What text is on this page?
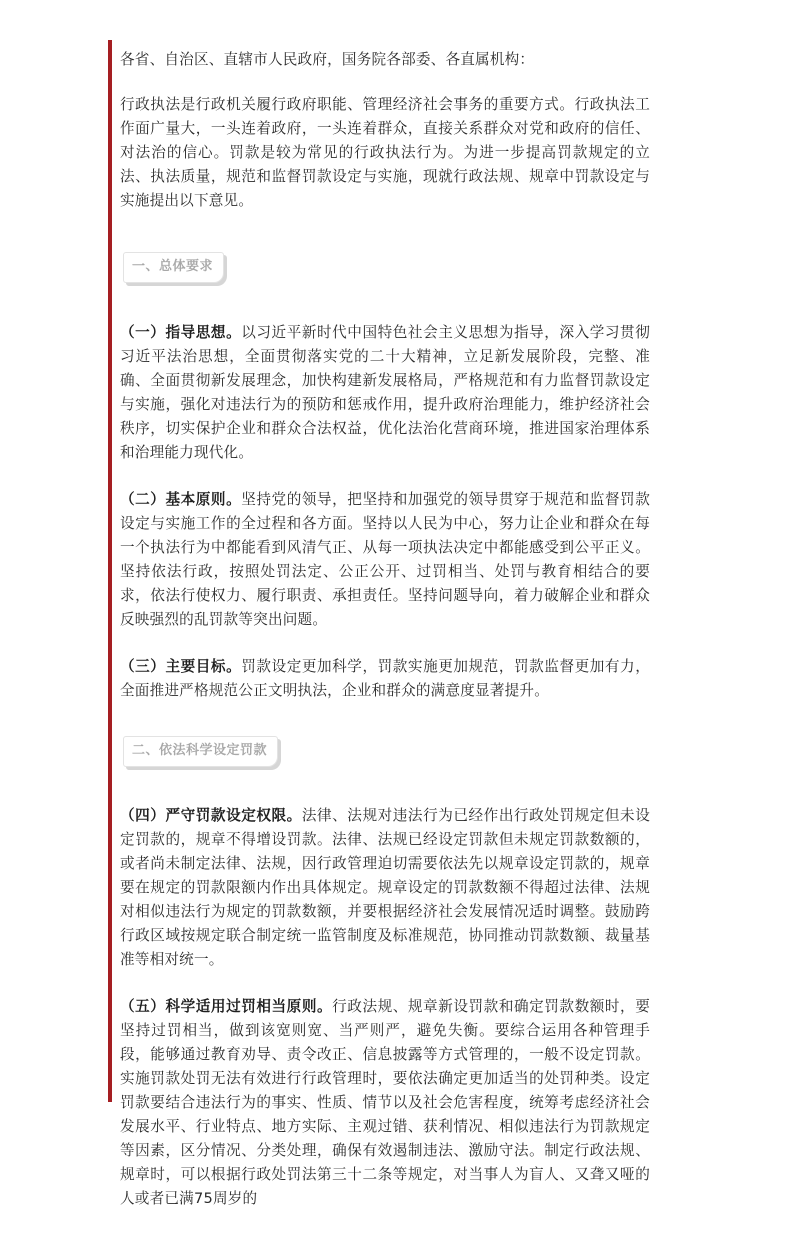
各省、自治区、直辖市人民政府，国务院各部委、各直属机构：

行政执法是行政机关履行政府职能、管理经济社会事务的重要方式。行政执法工作面广量大，一头连着政府，一头连着群众，直接关系群众对党和政府的信任、对法治的信心。罚款是较为常见的行政执法行为。为进一步提高罚款规定的立法、执法质量，规范和监督罚款设定与实施，现就行政法规、规章中罚款设定与实施提出以下意见。

一、总体要求

（一）指导思想。以习近平新时代中国特色社会主义思想为指导，深入学习贯彻习近平法治思想，全面贯彻落实党的二十大精神，立足新发展阶段，完整、准确、全面贯彻新发展理念，加快构建新发展格局，严格规范和有力监督罚款设定与实施，强化对违法行为的预防和惩戒作用，提升政府治理能力，维护经济社会秩序，切实保护企业和群众合法权益，优化法治化营商环境，推进国家治理体系和治理能力现代化。

（二）基本原则。坚持党的领导，把坚持和加强党的领导贯穿于规范和监督罚款设定与实施工作的全过程和各方面。坚持以人民为中心，努力让企业和群众在每一个执法行为中都能看到风清气正、从每一项执法决定中都能感受到公平正义。坚持依法行政，按照处罚法定、公正公开、过罚相当、处罚与教育相结合的要求，依法行使权力、履行职责、承担责任。坚持问题导向，着力破解企业和群众反映强烈的乱罚款等突出问题。

（三）主要目标。罚款设定更加科学，罚款实施更加规范，罚款监督更加有力，全面推进严格规范公正文明执法，企业和群众的满意度显著提升。

二、依法科学设定罚款

（四）严守罚款设定权限。法律、法规对违法行为已经作出行政处罚规定但未设定罚款的，规章不得增设罚款。法律、法规已经设定罚款但未规定罚款数额的，或者尚未制定法律、法规，因行政管理迫切需要依法先以规章设定罚款的，规章要在规定的罚款限额内作出具体规定。规章设定的罚款数额不得超过法律、法规对相似违法行为规定的罚款数额，并要根据经济社会发展情况适时调整。鼓励跨行政区域按规定联合制定统一监管制度及标准规范，协同推动罚款数额、裁量基准等相对统一。

（五）科学适用过罚相当原则。行政法规、规章新设罚款和确定罚款数额时，要坚持过罚相当，做到该宽则宽、当严则严，避免失衡。要综合运用各种管理手段，能够通过教育劝导、责令改正、信息披露等方式管理的，一般不设定罚款。实施罚款处罚无法有效进行行政管理时，要依法确定更加适当的处罚种类。设定罚款要结合违法行为的事实、性质、情节以及社会危害程度，统筹考虑经济社会发展水平、行业特点、地方实际、主观过错、获利情况、相似违法行为罚款规定等因素，区分情况、分类处理，确保有效遏制违法、激励守法。制定行政法规、规章时，可以根据行政处罚法第三十二条等规定，对当事人为盲人、又聋又哑的人或者已满75周岁的
